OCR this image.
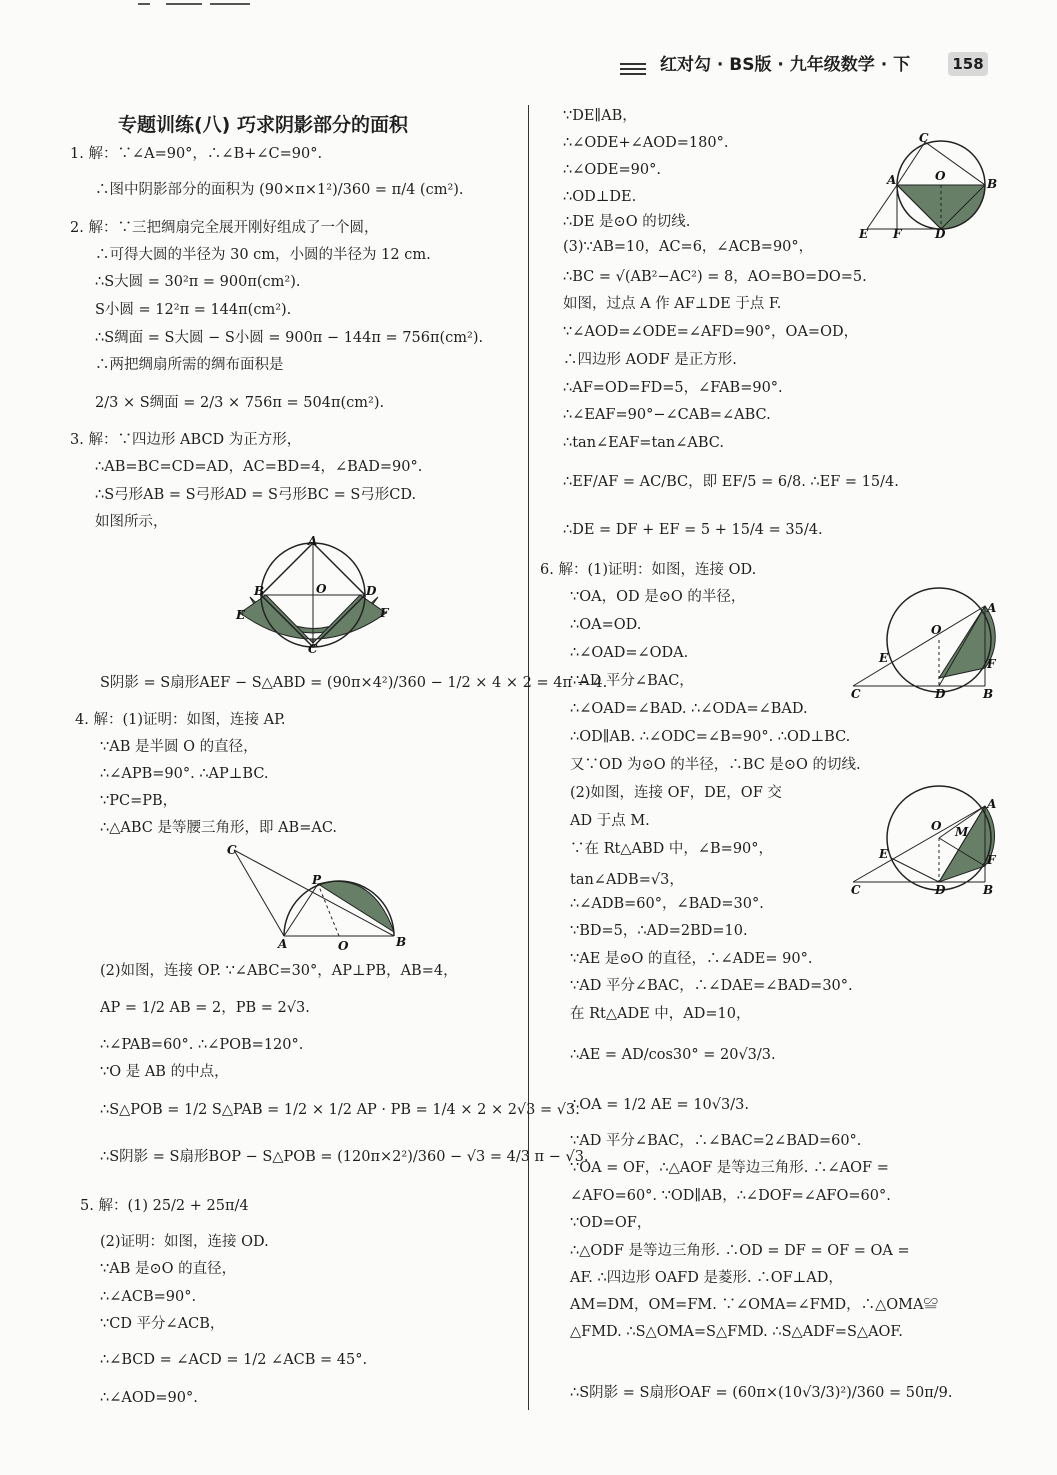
红对勾 · BS版 · 九年级数学 · 下	158
专题训练(八) 巧求阴影部分的面积
1. 解：∵∠A=90°，∴∠B+∠C=90°.
∴图中阴影部分的面积为 (90×π×1²)/360 = π/4 (cm²).
2. 解：∵三把绸扇完全展开刚好组成了一个圆，
∴可得大圆的半径为 30 cm，小圆的半径为 12 cm.
∴S大圆 = 30²π = 900π(cm²).
S小圆 = 12²π = 144π(cm²).
∴S绸面 = S大圆 − S小圆 = 900π − 144π = 756π(cm²).
∴两把绸扇所需的绸布面积是
2/3 × S绸面 = 2/3 × 756π = 504π(cm²).
3. 解：∵四边形 ABCD 为正方形，
∴AB=BC=CD=AD，AC=BD=4，∠BAD=90°.
∴S弓形AB = S弓形AD = S弓形BC = S弓形CD.
如图所示，
A
B	O	D
E	F
C
S阴影 = S扇形AEF − S△ABD = (90π×4²)/360 − 1/2 × 4 × 2 = 4π − 4.
4. 解：(1)证明：如图，连接 AP.
∵AB 是半圆 O 的直径，
∴∠APB=90°. ∴AP⊥BC.
∵PC=PB，
∴△ABC 是等腰三角形，即 AB=AC.
C
P
A	O	B
(2)如图，连接 OP. ∵∠ABC=30°，AP⊥PB，AB=4，
AP = 1/2 AB = 2，PB = 2√3.
∴∠PAB=60°. ∴∠POB=120°.
∵O 是 AB 的中点，
∴S△POB = 1/2 S△PAB = 1/2 × 1/2 AP · PB = 1/4 × 2 × 2√3 = √3.
∴S阴影 = S扇形BOP − S△POB = (120π×2²)/360 − √3 = 4/3 π − √3.
5. 解：(1) 25/2 + 25π/4
(2)证明：如图，连接 OD.
∵AB 是⊙O 的直径，
∴∠ACB=90°.
∵CD 平分∠ACB，
∴∠BCD = ∠ACD = 1/2 ∠ACB = 45°.
∴∠AOD=90°.
∵DE∥AB，
∴∠ODE+∠AOD=180°.
∴∠ODE=90°.
∴OD⊥DE.
∴DE 是⊙O 的切线.
C
A	O
B
E F	D
(3)∵AB=10，AC=6，∠ACB=90°，
∴BC = √(AB²−AC²) = 8，AO=BO=DO=5.
如图，过点 A 作 AF⊥DE 于点 F.
∵∠AOD=∠ODE=∠AFD=90°，OA=OD，
∴四边形 AODF 是正方形.
∴AF=OD=FD=5，∠FAB=90°.
∴∠EAF=90°−∠CAB=∠ABC.
∴tan∠EAF=tan∠ABC.
∴EF/AF = AC/BC，即 EF/5 = 6/8. ∴EF = 15/4.
∴DE = DF + EF = 5 + 15/4 = 35/4.
6. 解：(1)证明：如图，连接 OD.
∵OA，OD 是⊙O 的半径，
∴OA=OD.
∴∠OAD=∠ODA.
∵AD 平分∠BAC，
O
A
E	F
C	D	B
∴∠OAD=∠BAD. ∴∠ODA=∠BAD.
∴OD∥AB. ∴∠ODC=∠B=90°. ∴OD⊥BC.
又∵OD 为⊙O 的半径，∴BC 是⊙O 的切线.
(2)如图，连接 OF，DE，OF 交
AD 于点 M.	O M
A
E	F
C	D	B
∵在 Rt△ABD 中，∠B=90°，
tan∠ADB=√3，
∴∠ADB=60°，∠BAD=30°.
∵BD=5，∴AD=2BD=10.
∵AE 是⊙O 的直径，∴∠ADE= 90°.
∵AD 平分∠BAC，∴∠DAE=∠BAD=30°.
在 Rt△ADE 中，AD=10，
∴AE = AD/cos30° = 20√3/3.
∴OA = 1/2 AE = 10√3/3.
∵AD 平分∠BAC，∴∠BAC=2∠BAD=60°.
∵OA = OF，∴△AOF 是等边三角形. ∴∠AOF =
∠AFO=60°. ∵OD∥AB，∴∠DOF=∠AFO=60°.
∵OD=OF，
∴△ODF 是等边三角形. ∴OD = DF = OF = OA =
AF. ∴四边形 OAFD 是菱形. ∴OF⊥AD，
AM=DM，OM=FM. ∵∠OMA=∠FMD，∴△OMA≌
△FMD. ∴S△OMA=S△FMD. ∴S△ADF=S△AOF.
∴S阴影 = S扇形OAF = (60π×(10√3/3)²)/360 = 50π/9.
